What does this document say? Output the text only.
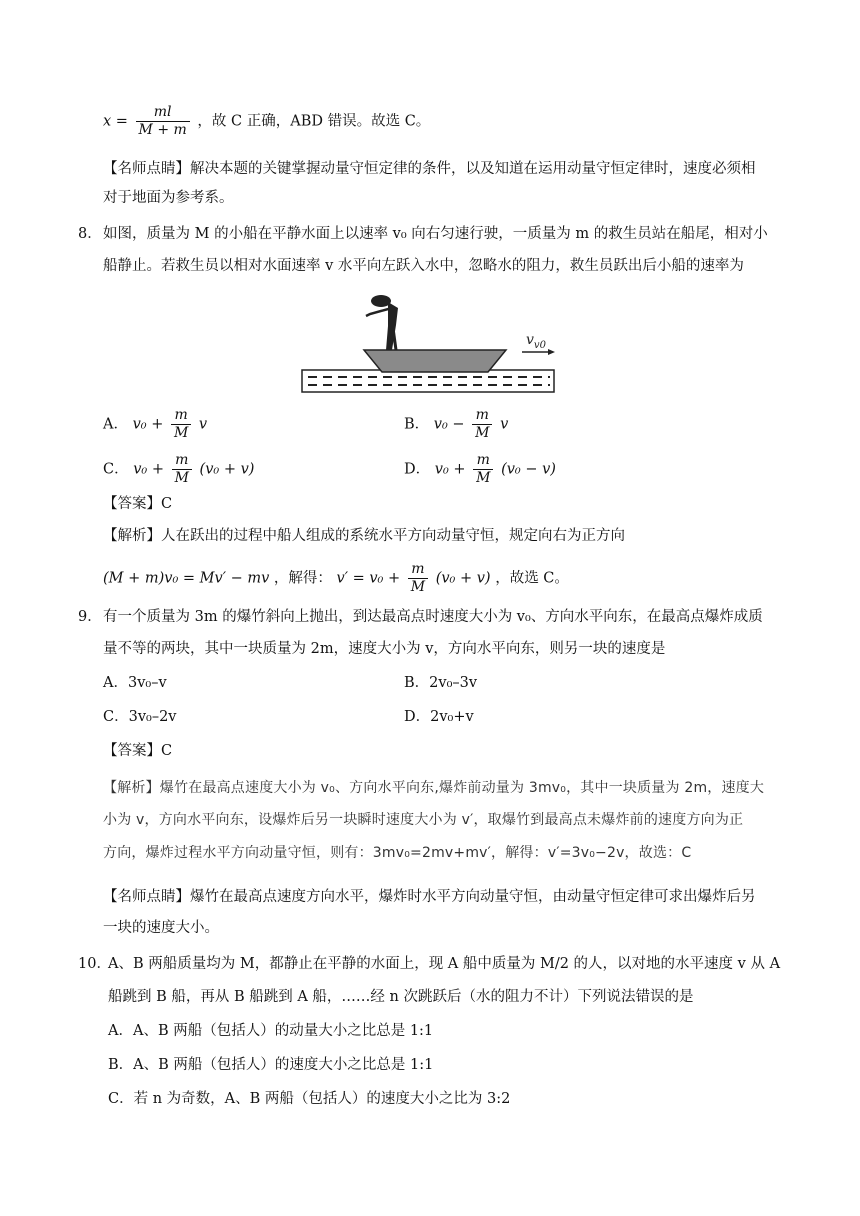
$x = \frac{ml}{M + m}$ ，故 C 正确，ABD 错误。故选 C。
【名师点睛】解决本题的关键掌握动量守恒定律的条件，以及知道在运用动量守恒定律时，速度必须相
对于地面为参考系。
8． 如图，质量为 M 的小船在平静水面上以速率 v₀ 向右匀速行驶，一质量为 m 的救生员站在船尾，相对小
船静止。若救生员以相对水面速率 v 水平向左跃入水中，忽略水的阻力，救生员跃出后小船的速率为
$v_{v0}$
A． $v_0 + \frac{m}{M}$ v	B． $v_0 - \frac{m}{M}$ v
C． $v_0 + \frac{m}{M} (v_0 + v)$	D． $v_0 + \frac{m}{M} (v_0 - v)$
【答案】C
【解析】人在跃出的过程中船人组成的系统水平方向动量守恒，规定向右为正方向
(M + m)v₀ = Mv′ − mv ，解得： $v' = v_0 + \frac{m}{M} (v_0 + v)$ ，故选 C。
9． 有一个质量为 3m 的爆竹斜向上抛出，到达最高点时速度大小为 v₀、方向水平向东，在最高点爆炸成质
量不等的两块，其中一块质量为 2m，速度大小为 v，方向水平向东，则另一块的速度是
A．3v₀–v	B．2v₀–3v
C．3v₀–2v	D．2v₀+v
【答案】C
【解析】爆竹在最高点速度大小为 v₀、方向水平向东,爆炸前动量为 3mv₀，其中一块质量为 2m，速度大
小为 v，方向水平向东，设爆炸后另一块瞬时速度大小为 v′，取爆竹到最高点未爆炸前的速度方向为正
方向，爆炸过程水平方向动量守恒，则有：3mv₀=2mv+mv′，解得：v′=3v₀−2v，故选：C
【名师点睛】爆竹在最高点速度方向水平，爆炸时水平方向动量守恒，由动量守恒定律可求出爆炸后另
一块的速度大小。
10．
A、B 两船质量均为 M，都静止在平静的水面上，现 A 船中质量为 M/2 的人，以对地的水平速度 v 从 A
船跳到 B 船，再从 B 船跳到 A 船，……经 n 次跳跃后（水的阻力不计）下列说法错误的是
A．A、B 两船（包括人）的动量大小之比总是 1:1
B．A、B 两船（包括人）的速度大小之比总是 1:1
C．若 n 为奇数，A、B 两船（包括人）的速度大小之比为 3:2
